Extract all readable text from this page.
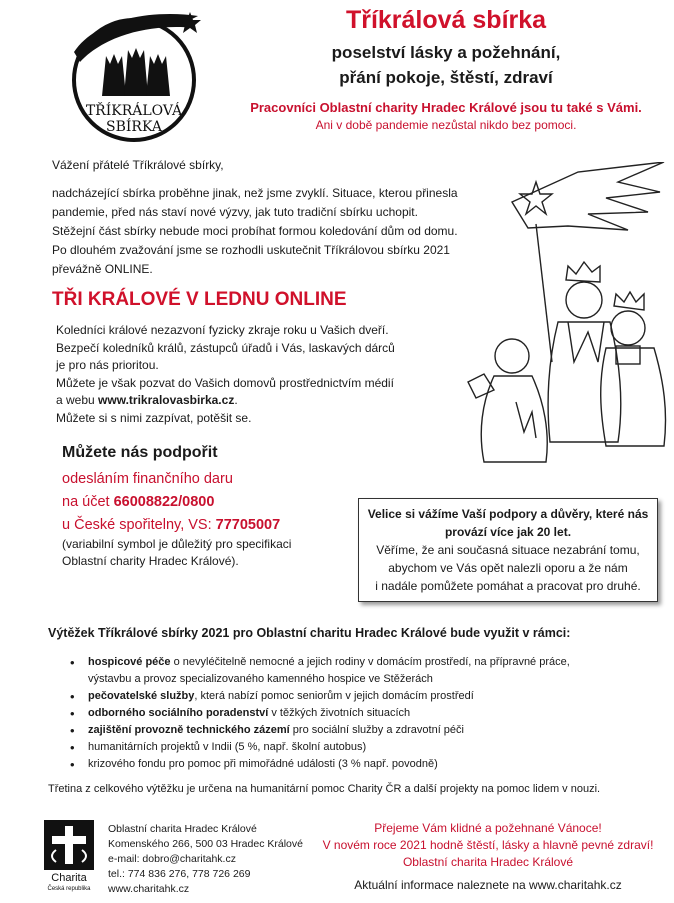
TŘÍKRÁLOVÁ
SBÍRKA
Tříkrálová sbírka
poselství lásky a požehnání,
přání pokoje, štěstí, zdraví
Pracovníci Oblastní charity Hradec Králové jsou tu také s Vámi.
Ani v době pandemie nezůstal nikdo bez pomoci.
Vážení přátelé Tříkrálové sbírky,
nadcházející sbírka proběhne jinak, než jsme zvyklí. Situace, kterou přinesla
pandemie, před nás staví nové výzvy, jak tuto tradiční sbírku uchopit.
Stěžejní část sbírky nebude moci probíhat formou koledování dům od domu.
Po dlouhém zvažování jsme se rozhodli uskutečnit Tříkrálovou sbírku 2021
převážně ONLINE.
TŘI KRÁLOVÉ V LEDNU ONLINE
Koledníci králové nezazvoní fyzicky zkraje roku u Vašich dveří.
Bezpečí koledníků králů, zástupců úřadů i Vás, laskavých dárců
je pro nás prioritou.
Můžete je však pozvat do Vašich domovů prostřednictvím médií
a webu www.trikralovasbirka.cz.
Můžete si s nimi zazpívat, potěšit se.
Můžete nás podpořit
odesláním finančního daru
na účet 66008822/0800
u České spořitelny, VS: 77705007
(variabilní symbol je důležitý pro specifikaci
Oblastní charity Hradec Králové).
Velice si vážíme Vaší podpory a důvěry, které nás
provází více jak 20 let.
Věříme, že ani současná situace nezabrání tomu,
abychom ve Vás opět nalezli oporu a že nám
i nadále pomůžete pomáhat a pracovat pro druhé.
Výtěžek Tříkrálové sbírky 2021 pro Oblastní charitu Hradec Králové bude využit v rámci:
• hospicové péče o nevyléčitelně nemocné a jejich rodiny v domácím prostředí, na přípravné práce,
výstavbu a provoz specializovaného kamenného hospice ve Stěžerách
• pečovatelské služby, která nabízí pomoc seniorům v jejich domácím prostředí
• odborného sociálního poradenství v těžkých životních situacích
• zajištění provozně technického zázemí pro sociální služby a zdravotní péči
• humanitárních projektů v Indii (5 %, např. školní autobus)
• krizového fondu pro pomoc při mimořádné události (3 % např. povodně)
Třetina z celkového výtěžku je určena na humanitární pomoc Charity ČR a další projekty na pomoc lidem v nouzi.
Charita
Česká republika
Oblastní charita Hradec Králové
Komenského 266, 500 03 Hradec Králové
e-mail: dobro@charitahk.cz
tel.: 774 836 276, 778 726 269
www.charitahk.cz
Přejeme Vám klidné a požehnané Vánoce!
V novém roce 2021 hodně štěstí, lásky a hlavně pevné zdraví!
Oblastní charita Hradec Králové
Aktuální informace naleznete na www.charitahk.cz
